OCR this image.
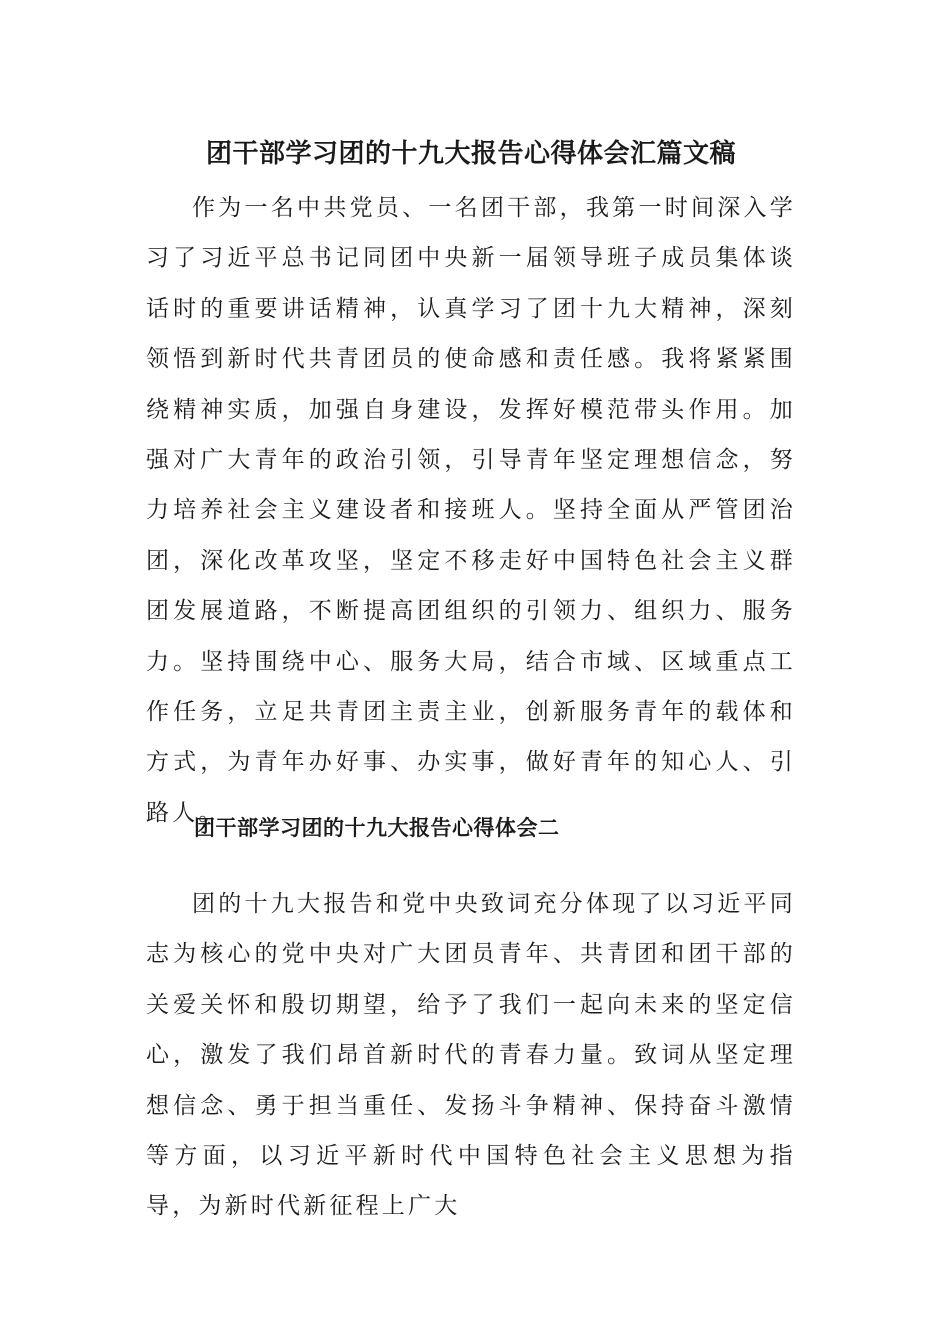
团干部学习团的十九大报告心得体会汇篇文稿

作为一名中共党员、一名团干部，我第一时间深入学习了习近平总书记同团中央新一届领导班子成员集体谈话时的重要讲话精神，认真学习了团十九大精神，深刻领悟到新时代共青团员的使命感和责任感。我将紧紧围绕精神实质，加强自身建设，发挥好模范带头作用。加强对广大青年的政治引领，引导青年坚定理想信念，努力培养社会主义建设者和接班人。坚持全面从严管团治团，深化改革攻坚，坚定不移走好中国特色社会主义群团发展道路，不断提高团组织的引领力、组织力、服务力。坚持围绕中心、服务大局，结合市域、区域重点工作任务，立足共青团主责主业，创新服务青年的载体和方式，为青年办好事、办实事，做好青年的知心人、引路人。

团干部学习团的十九大报告心得体会二

团的十九大报告和党中央致词充分体现了以习近平同志为核心的党中央对广大团员青年、共青团和团干部的关爱关怀和殷切期望，给予了我们一起向未来的坚定信心，激发了我们昂首新时代的青春力量。致词从坚定理想信念、勇于担当重任、发扬斗争精神、保持奋斗激情等方面，以习近平新时代中国特色社会主义思想为指导，为新时代新征程上广大
